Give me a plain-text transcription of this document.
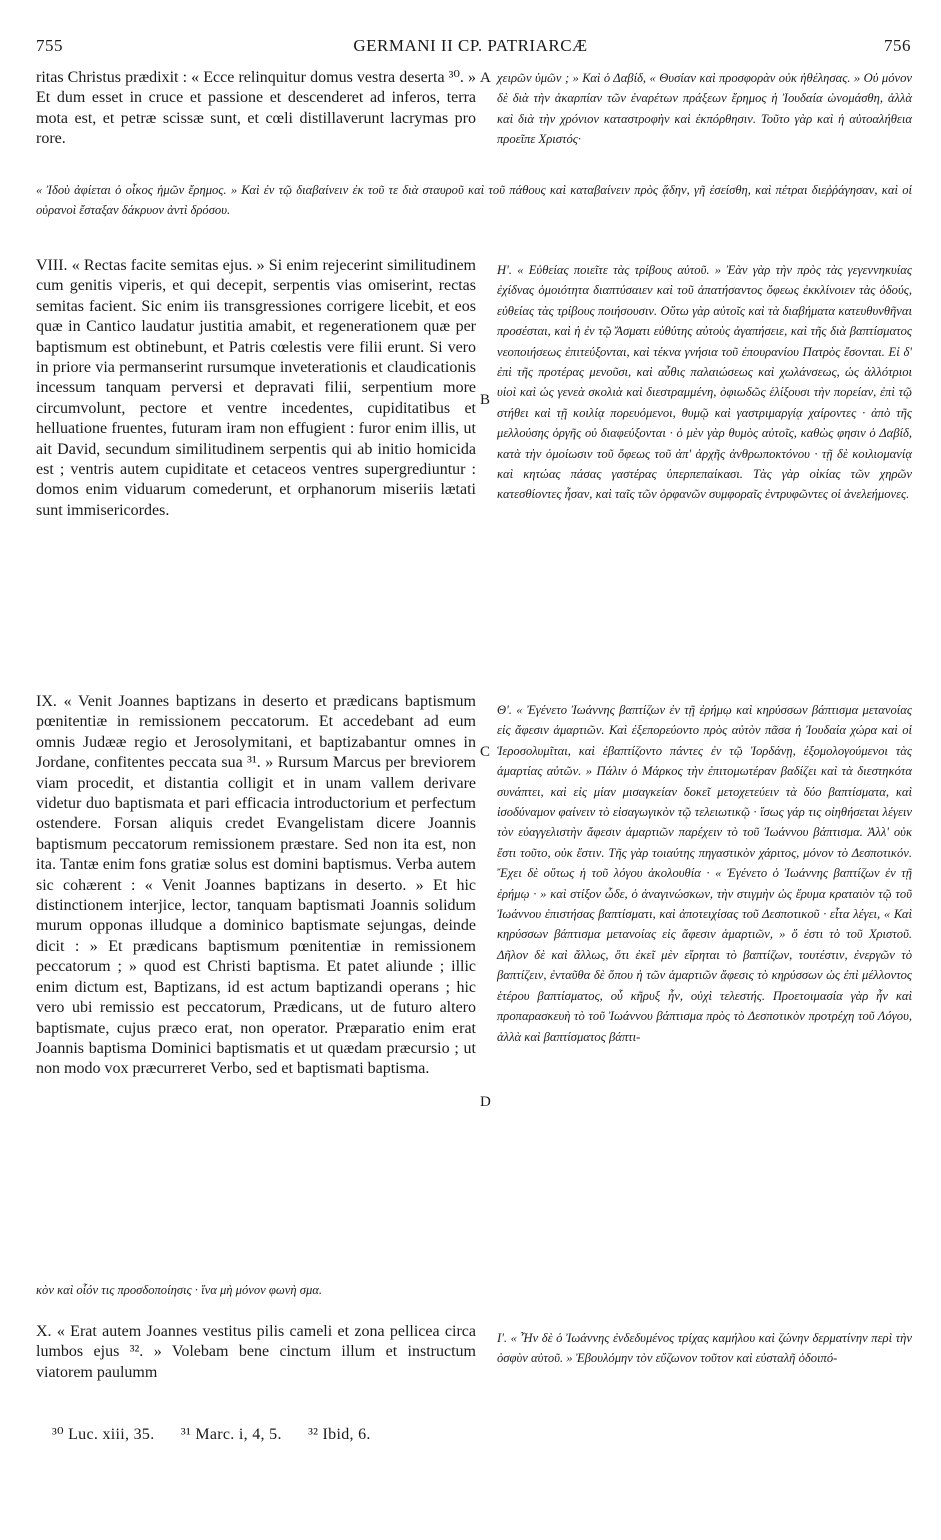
755	GERMANI II CP. PATRIARCÆ	756
A
B
C
D

ritas Christus prædixit : « Ecce relinquitur domus vestra deserta ³⁰. » Et dum esset in cruce et passione et descenderet ad inferos, terra mota est, et petræ scissæ sunt, et cœli distillaverunt lacrymas pro rore.

VIII. « Rectas facite semitas ejus. » Si enim rejecerint similitudinem cum genitis viperis, et qui decepit, serpentis vias omiserint, rectas semitas facient. Sic enim iis transgressiones corrigere licebit, et eos quæ in Cantico laudatur justitia amabit, et regenerationem quæ per baptismum est obtinebunt, et Patris cœlestis vere filii erunt. Si vero in priore via permanserint rursumque inveterationis et claudicationis incessum tanquam perversi et depravati filii, serpentium more circumvolunt, pectore et ventre incedentes, cupiditatibus et helluatione fruentes, futuram iram non effugient : furor enim illis, ut ait David, secundum similitudinem serpentis qui ab initio homicida est ; ventris autem cupiditate et cetaceos ventres supergrediuntur : domos enim viduarum comederunt, et orphanorum miseriis lætati sunt immisericordes.

IX. « Venit Joannes baptizans in deserto et prædicans baptismum pœnitentiæ in remissionem peccatorum. Et accedebant ad eum omnis Judææ regio et Jerosolymitani, et baptizabantur omnes in Jordane, confitentes peccata sua ³¹. » Rursum Marcus per breviorem viam procedit, et distantia colligit et in unam vallem derivare videtur duo baptismata et pari efficacia introductorium et perfectum ostendere. Forsan aliquis credet Evangelistam dicere Joannis baptismum peccatorum remissionem præstare. Sed non ita est, non ita. Tantæ enim fons gratiæ solus est domini baptismus. Verba autem sic cohærent : « Venit Joannes baptizans in deserto. » Et hic distinctionem interjice, lector, tanquam baptismati Joannis solidum murum opponas illudque a dominico baptismate sejungas, deinde dicit : » Et prædicans baptismum pœnitentiæ in remissionem peccatorum ; » quod est Christi baptisma. Et patet aliunde ; illic enim dictum est, Baptizans, id est actum baptizandi operans ; hic vero ubi remissio est peccatorum, Prædicans, ut de futuro altero baptismate, cujus præco erat, non operator. Præparatio enim erat Joannis baptisma Dominici baptismatis et ut quædam præcursio ; ut non modo vox præcurreret Verbo, sed et baptismati baptisma.

X. « Erat autem Joannes vestitus pilis cameli et zona pellicea circa lumbos ejus ³². » Volebam bene cinctum illum et instructum viatorem paulumm

χειρῶν ὑμῶν ; » Καὶ ὁ Δαβίδ, « Θυσίαν καὶ προσφορὰν οὐκ ἠθέλησας. » Οὐ μόνον δὲ διὰ τὴν ἀκαρπίαν τῶν ἐναρέτων πράξεων ἔρημος ἡ Ἰουδαία ὠνομάσθη, ἀλλὰ καὶ διὰ τὴν χρόνιον καταστροφὴν καὶ ἐκπόρθησιν. Τοῦτο γὰρ καὶ ἡ αὐτοαλήθεια προεῖπε Χριστός·

« Ἰδοὺ ἀφίεται ὁ οἶκος ἡμῶν ἔρημος. » Καὶ ἐν τῷ διαβαίνειν ἐκ τοῦ τε διὰ σταυροῦ καὶ τοῦ πάθους καὶ καταβαίνειν πρὸς ᾅδην, γῆ ἐσείσθη, καὶ πέτραι διεῤῥάγησαν, καὶ οἱ οὐρανοὶ ἔσταξαν δάκρυον ἀντὶ δρόσου.

Η'. « Εὐθείας ποιεῖτε τὰς τρίβους αὐτοῦ. » Ἐὰν γὰρ τὴν πρὸς τὰς γεγεννηκυίας ἐχίδνας ὁμοιότητα διαπτύσαιεν καὶ τοῦ ἀπατήσαντος ὄφεως ἐκκλίνοιεν τὰς ὁδούς, εὐθείας τὰς τρίβους ποιήσουσιν. Οὕτω γὰρ αὐτοῖς καὶ τὰ διαβήματα κατευθυνθῆναι προσέσται, καὶ ἡ ἐν τῷ Ἄσματι εὐθύτης αὐτοὺς ἀγαπήσειε, καὶ τῆς διὰ βαπτίσματος νεοποιήσεως ἐπιτεύξονται, καὶ τέκνα γνήσια τοῦ ἐπουρανίου Πατρὸς ἔσονται. Εἰ δ' ἐπὶ τῆς προτέρας μενοῦσι, καὶ αὖθις παλαιώσεως καὶ χωλάνσεως, ὡς ἀλλότριοι υἱοὶ καὶ ὡς γενεὰ σκολιὰ καὶ διεστραμμένη, ὀφιωδῶς ἑλίξουσι τὴν πορείαν, ἐπὶ τῷ στήθει καὶ τῇ κοιλίᾳ πορευόμενοι, θυμῷ καὶ γαστριμαργίᾳ χαίροντες · ἀπὸ τῆς μελλούσης ὀργῆς οὐ διαφεύξονται · ὁ μὲν γὰρ θυμὸς αὐτοῖς, καθὼς φησιν ὁ Δαβίδ, κατὰ τὴν ὁμοίωσιν τοῦ ὄφεως τοῦ ἀπ' ἀρχῆς ἀνθρωποκτόνου · τῇ δὲ κοιλιομανίᾳ καὶ κητώας πάσας γαστέρας ὑπερπεπαίκασι. Τὰς γὰρ οἰκίας τῶν χηρῶν κατεσθίοντες ἦσαν, καὶ ταῖς τῶν ὀρφανῶν συμφοραῖς ἐντρυφῶντες οἱ ἀνελεήμονες.

Θ'. « Ἐγένετο Ἰωάννης βαπτίζων ἐν τῇ ἐρήμῳ καὶ κηρύσσων βάπτισμα μετανοίας εἰς ἄφεσιν ἁμαρτιῶν. Καὶ ἐξεπορεύοντο πρὸς αὐτὸν πᾶσα ἡ Ἰουδαία χώρα καὶ οἱ Ἱεροσολυμῖται, καὶ ἐβαπτίζοντο πάντες ἐν τῷ Ἰορδάνῃ, ἐξομολογούμενοι τὰς ἁμαρτίας αὐτῶν. » Πάλιν ὁ Μάρκος τὴν ἐπιτομωτέραν βαδίζει καὶ τὰ διεστηκότα συνάπτει, καὶ εἰς μίαν μισαγκείαν δοκεῖ μετοχετεύειν τὰ δύο βαπτίσματα, καὶ ἰσοδύναμον φαίνειν τὸ εἰσαγωγικὸν τῷ τελειωτικῷ · ἴσως γάρ τις οἰηθήσεται λέγειν τὸν εὐαγγελιστὴν ἄφεσιν ἁμαρτιῶν παρέχειν τὸ τοῦ Ἰωάννου βάπτισμα. Ἀλλ' οὐκ ἔστι τοῦτο, οὐκ ἔστιν. Τῆς γὰρ τοιαύτης πηγαστικὸν χάριτος, μόνον τὸ Δεσποτικόν. Ἔχει δὲ οὕτως ἡ τοῦ λόγου ἀκολουθία · « Ἐγένετο ὁ Ἰωάννης βαπτίζων ἐν τῇ ἐρήμῳ · » καὶ στίξον ὧδε, ὁ ἀναγινώσκων, τὴν στιγμὴν ὡς ἔρυμα κραταιὸν τῷ τοῦ Ἰωάννου ἐπιστήσας βαπτίσματι, καὶ ἀποτειχίσας τοῦ Δεσποτικοῦ · εἶτα λέγει, « Καὶ κηρύσσων βάπτισμα μετανοίας εἰς ἄφεσιν ἁμαρτιῶν, » ὅ ἐστι τὸ τοῦ Χριστοῦ. Δῆλον δὲ καὶ ἄλλως, ὅτι ἐκεῖ μὲν εἴρηται τὸ βαπτίζων, τουτέστιν, ἐνεργῶν τὸ βαπτίζειν, ἐνταῦθα δὲ ὅπου ἡ τῶν ἁμαρτιῶν ἄφεσις τὸ κηρύσσων ὡς ἐπὶ μέλλοντος ἑτέρου βαπτίσματος, οὗ κῆρυξ ἦν, οὐχὶ τελεστής. Προετοιμασία γὰρ ἦν καὶ προπαρασκευὴ τὸ τοῦ Ἰωάννου βάπτισμα πρὸς τὸ Δεσποτικὸν προτρέχη τοῦ Λόγου, ἀλλὰ καὶ βαπτίσματος βάπτι-

κὸν καὶ οἷόν τις προσδοποίησις · ἵνα μὴ μόνον φωνὴ σμα.

Ι'. « Ἦν δὲ ὁ Ἰωάννης ἐνδεδυμένος τρίχας καμήλου καὶ ζώνην δερματίνην περὶ τὴν ὀσφὺν αὐτοῦ. » Ἐβουλόμην τὸν εὔζωνον τοῦτον καὶ εὐσταλῆ ὁδοιπό-

³⁰ Luc. xiii, 35. ³¹ Marc. i, 4, 5. ³² Ibid, 6.
